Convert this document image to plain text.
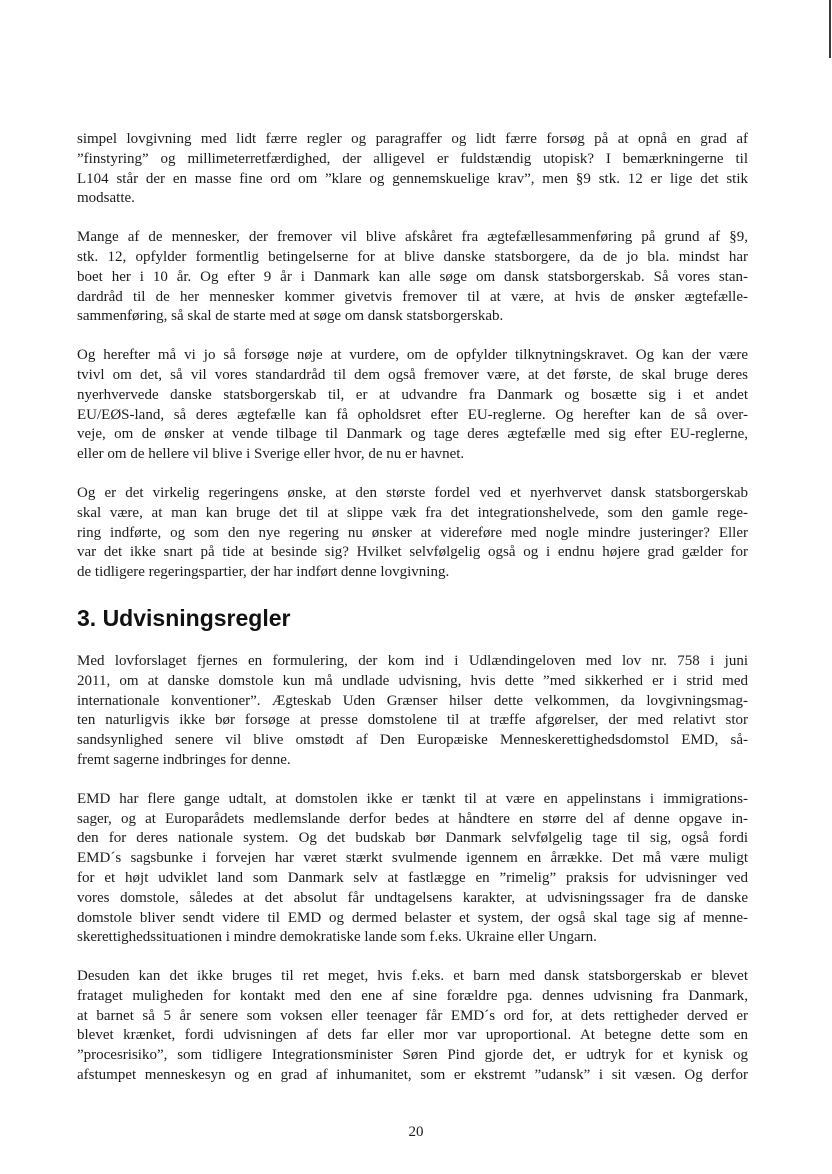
simpel lovgivning med lidt færre regler og paragraffer og lidt færre forsøg på at opnå en grad af
”finstyring” og millimeterretfærdighed, der alligevel er fuldstændig utopisk? I bemærkningerne til
L104 står der en masse fine ord om ”klare og gennemskuelige krav”, men §9 stk. 12 er lige det stik
modsatte.

Mange af de mennesker, der fremover vil blive afskåret fra ægtefællesammenføring på grund af §9,
stk. 12, opfylder formentlig betingelserne for at blive danske statsborgere, da de jo bla. mindst har
boet her i 10 år. Og efter 9 år i Danmark kan alle søge om dansk statsborgerskab. Så vores stan-
dardråd til de her mennesker kommer givetvis fremover til at være, at hvis de ønsker ægtefælle-
sammenføring, så skal de starte med at søge om dansk statsborgerskab.

Og herefter må vi jo så forsøge nøje at vurdere, om de opfylder tilknytningskravet. Og kan der være
tvivl om det, så vil vores standardråd til dem også fremover være, at det første, de skal bruge deres
nyerhvervede danske statsborgerskab til, er at udvandre fra Danmark og bosætte sig i et andet
EU/EØS-land, så deres ægtefælle kan få opholdsret efter EU-reglerne. Og herefter kan de så over-
veje, om de ønsker at vende tilbage til Danmark og tage deres ægtefælle med sig efter EU-reglerne,
eller om de hellere vil blive i Sverige eller hvor, de nu er havnet.

Og er det virkelig regeringens ønske, at den største fordel ved et nyerhvervet dansk statsborgerskab
skal være, at man kan bruge det til at slippe væk fra det integrationshelvede, som den gamle rege-
ring indførte, og som den nye regering nu ønsker at videreføre med nogle mindre justeringer? Eller
var det ikke snart på tide at besinde sig? Hvilket selvfølgelig også og i endnu højere grad gælder for
de tidligere regeringspartier, der har indført denne lovgivning.

3. Udvisningsregler

Med lovforslaget fjernes en formulering, der kom ind i Udlændingeloven med lov nr. 758 i juni
2011, om at danske domstole kun må undlade udvisning, hvis dette ”med sikkerhed er i strid med
internationale konventioner”. Ægteskab Uden Grænser hilser dette velkommen, da lovgivningsmag-
ten naturligvis ikke bør forsøge at presse domstolene til at træffe afgørelser, der med relativt stor
sandsynlighed senere vil blive omstødt af Den Europæiske Menneskerettighedsdomstol EMD, så-
fremt sagerne indbringes for denne.

EMD har flere gange udtalt, at domstolen ikke er tænkt til at være en appelinstans i immigrations-
sager, og at Europarådets medlemslande derfor bedes at håndtere en større del af denne opgave in-
den for deres nationale system. Og det budskab bør Danmark selvfølgelig tage til sig, også fordi
EMD´s sagsbunke i forvejen har været stærkt svulmende igennem en årrække. Det må være muligt
for et højt udviklet land som Danmark selv at fastlægge en ”rimelig” praksis for udvisninger ved
vores domstole, således at det absolut får undtagelsens karakter, at udvisningssager fra de danske
domstole bliver sendt videre til EMD og dermed belaster et system, der også skal tage sig af menne-
skerettighedssituationen i mindre demokratiske lande som f.eks. Ukraine eller Ungarn.

Desuden kan det ikke bruges til ret meget, hvis f.eks. et barn med dansk statsborgerskab er blevet
frataget muligheden for kontakt med den ene af sine forældre pga. dennes udvisning fra Danmark,
at barnet så 5 år senere som voksen eller teenager får EMD´s ord for, at dets rettigheder derved er
blevet krænket, fordi udvisningen af dets far eller mor var uproportional. At betegne dette som en
”procesrisiko”, som tidligere Integrationsminister Søren Pind gjorde det, er udtryk for et kynisk og
afstumpet menneskesyn og en grad af inhumanitet, som er ekstremt ”udansk” i sit væsen. Og derfor

20
